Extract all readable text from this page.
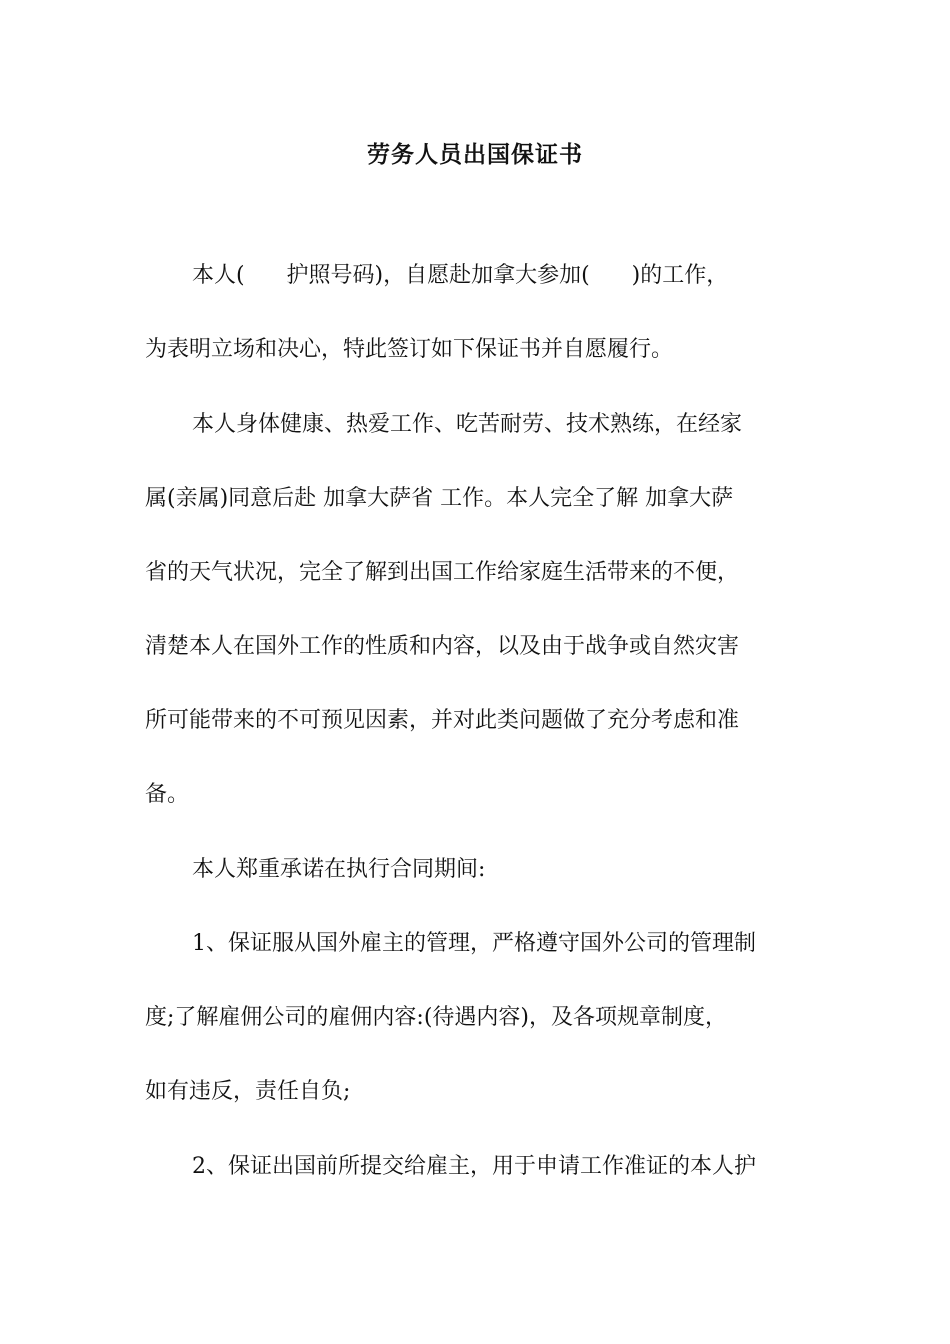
劳务人员出国保证书
本人(      护照号码)，自愿赴加拿大参加(      )的工作，
为表明立场和决心，特此签订如下保证书并自愿履行。
本人身体健康、热爱工作、吃苦耐劳、技术熟练，在经家
属(亲属)同意后赴 加拿大萨省 工作。本人完全了解 加拿大萨
省的天气状况，完全了解到出国工作给家庭生活带来的不便，
清楚本人在国外工作的性质和内容，以及由于战争或自然灾害
所可能带来的不可预见因素，并对此类问题做了充分考虑和准
备。
本人郑重承诺在执行合同期间:
1、保证服从国外雇主的管理，严格遵守国外公司的管理制
度;了解雇佣公司的雇佣内容:(待遇内容)，及各项规章制度，
如有违反，责任自负;
2、保证出国前所提交给雇主，用于申请工作准证的本人护
